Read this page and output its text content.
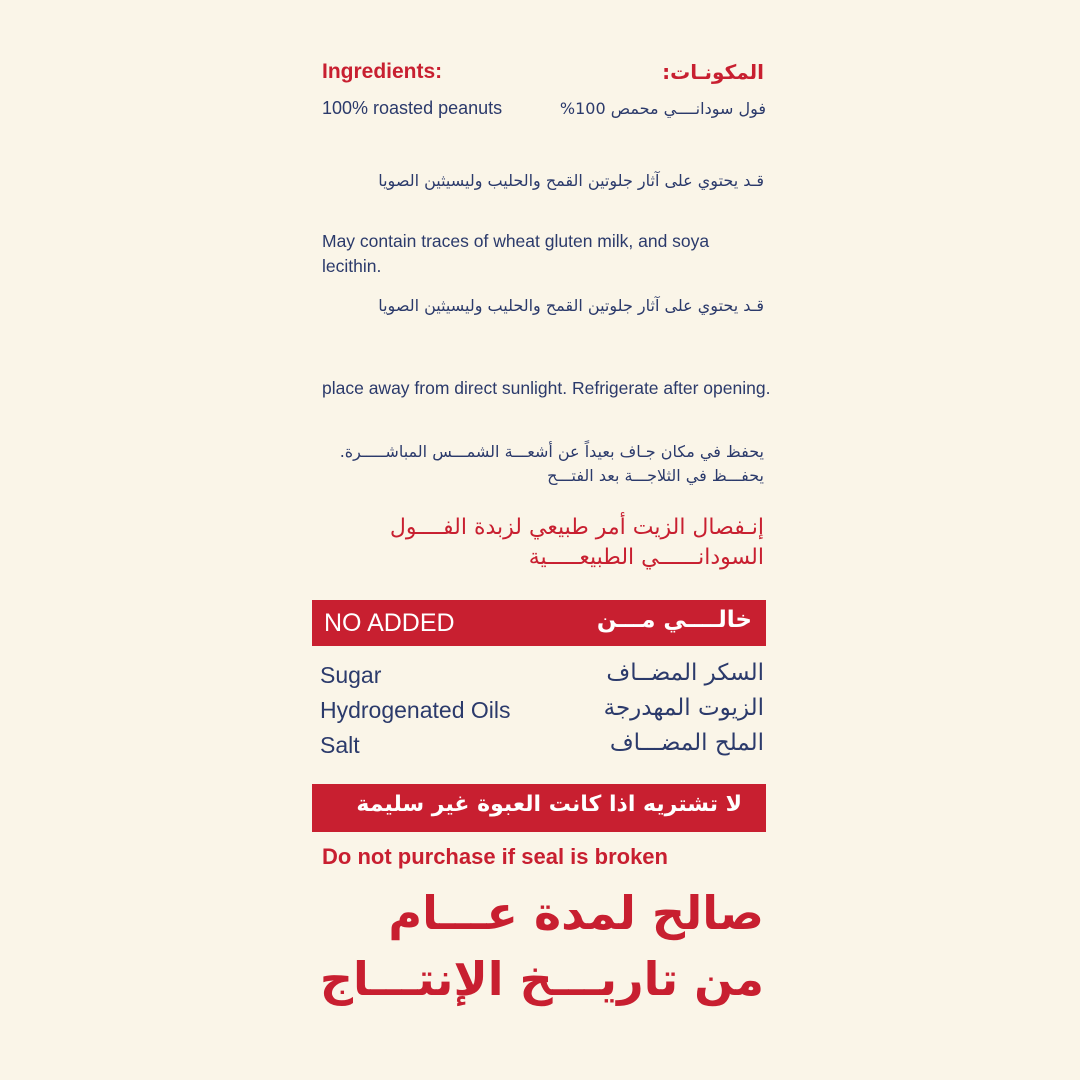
Ingredients:	المكونـات:
100% roasted peanuts	فول سودانــــي محمص 100%
قـد يحتوي على آثار جلوتين القمح والحليب وليسيثين الصويا
May contain traces of wheat gluten milk, and soya lecithin.
قـد يحتوي على آثار جلوتين القمح والحليب وليسيثين الصويا
place away from direct sunlight. Refrigerate after opening.
يحفظ في مكان جـاف بعيداً عن أشعـــة الشمـــس المباشـــــرة. يحفـــظ في الثلاجـــة بعد الفتـــح
إنـفصال الزيت أمر طبيعي لزبدة الفــــول السودانــــــي الطبيعـــــية
NO ADDED	خالــــي مـــن
Sugar	السكر المضــاف
Hydrogenated Oils	الزيوت المهدرجة
Salt	الملح المضـــاف
لا تشتريه اذا كانت العبوة غير سليمة
Do not purchase if seal is broken
صالح لمدة عـــام من تاريـــخ الإنتـــاج
